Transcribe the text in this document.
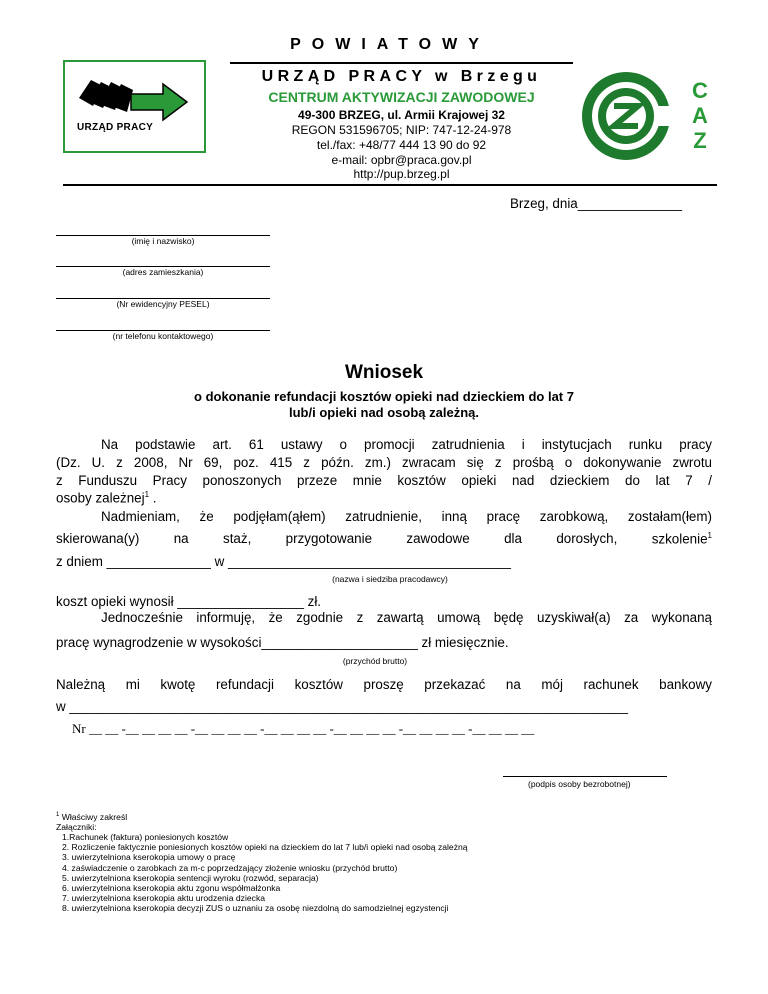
URZĄD PRACY
POWIATOWY
URZĄD PRACY w Brzegu
CENTRUM AKTYWIZACJI ZAWODOWEJ
49-300 BRZEG, ul. Armii Krajowej 32
REGON 531596705; NIP: 747-12-24-978
tel./fax: +48/77 444 13 90 do 92
e-mail: opbr@praca.gov.pl
http://pup.brzeg.pl
C
A
Z
Brzeg, dnia______________
(imię i nazwisko)
(adres zamieszkania)
(Nr ewidencyjny PESEL)
(nr telefonu kontaktowego)
Wniosek
o dokonanie refundacji kosztów opieki nad dzieckiem do lat 7
lub/i opieki nad osobą zależną.
Na podstawie art. 61 ustawy o promocji zatrudnienia i instytucjach runku pracy
(Dz. U. z 2008, Nr 69, poz. 415 z późn. zm.) zwracam się z prośbą o dokonywanie zwrotu
z Funduszu Pracy ponoszonych przeze mnie kosztów opieki nad dzieckiem do lat 7 /
osoby zależnej$^1$ .
Nadmieniam, że podjęłam(ąłem) zatrudnienie, inną pracę zarobkową, zostałam(łem)
skierowana(y)	na	staż,	przygotowanie	zawodowe	dla	dorosłych,	szkolenie$^1$
z dniem ______________ w ______________________________________
(nazwa i siedziba pracodawcy)
koszt opieki wynosił _________________ zł.
Jednocześnie informuję, że zgodnie z zawartą umową będę uzyskiwał(a) za wykonaną
pracę wynagrodzenie w wysokości_____________________ zł miesięcznie.
(przychód brutto)
Należną mi kwotę refundacji kosztów proszę przekazać na mój rachunek bankowy
w ___________________________________________________________________________
Nr __ __ -__ __ __ __ -__ __ __ __ -__ __ __ __ -__ __ __ __ -__ __ __ __ -__ __ __ __
(podpis osoby bezrobotnej)
$^1$ Właściwy zakreśl
Załączniki:
1.Rachunek (faktura) poniesionych kosztów
2. Rozliczenie faktycznie poniesionych kosztów opieki na dzieckiem do lat 7 lub/i opieki nad osobą zależną
3. uwierzytelniona kserokopia umowy o pracę
4. zaświadczenie o zarobkach za m-c poprzedzający złożenie wniosku (przychód brutto)
5. uwierzytelniona kserokopia sentencji wyroku (rozwód, separacja)
6. uwierzytelniona kserokopia aktu zgonu współmałżonka
7. uwierzytelniona kserokopia aktu urodzenia dziecka
8. uwierzytelniona kserokopia decyzji ZUS o uznaniu za osobę niezdolną do samodzielnej egzystencji
